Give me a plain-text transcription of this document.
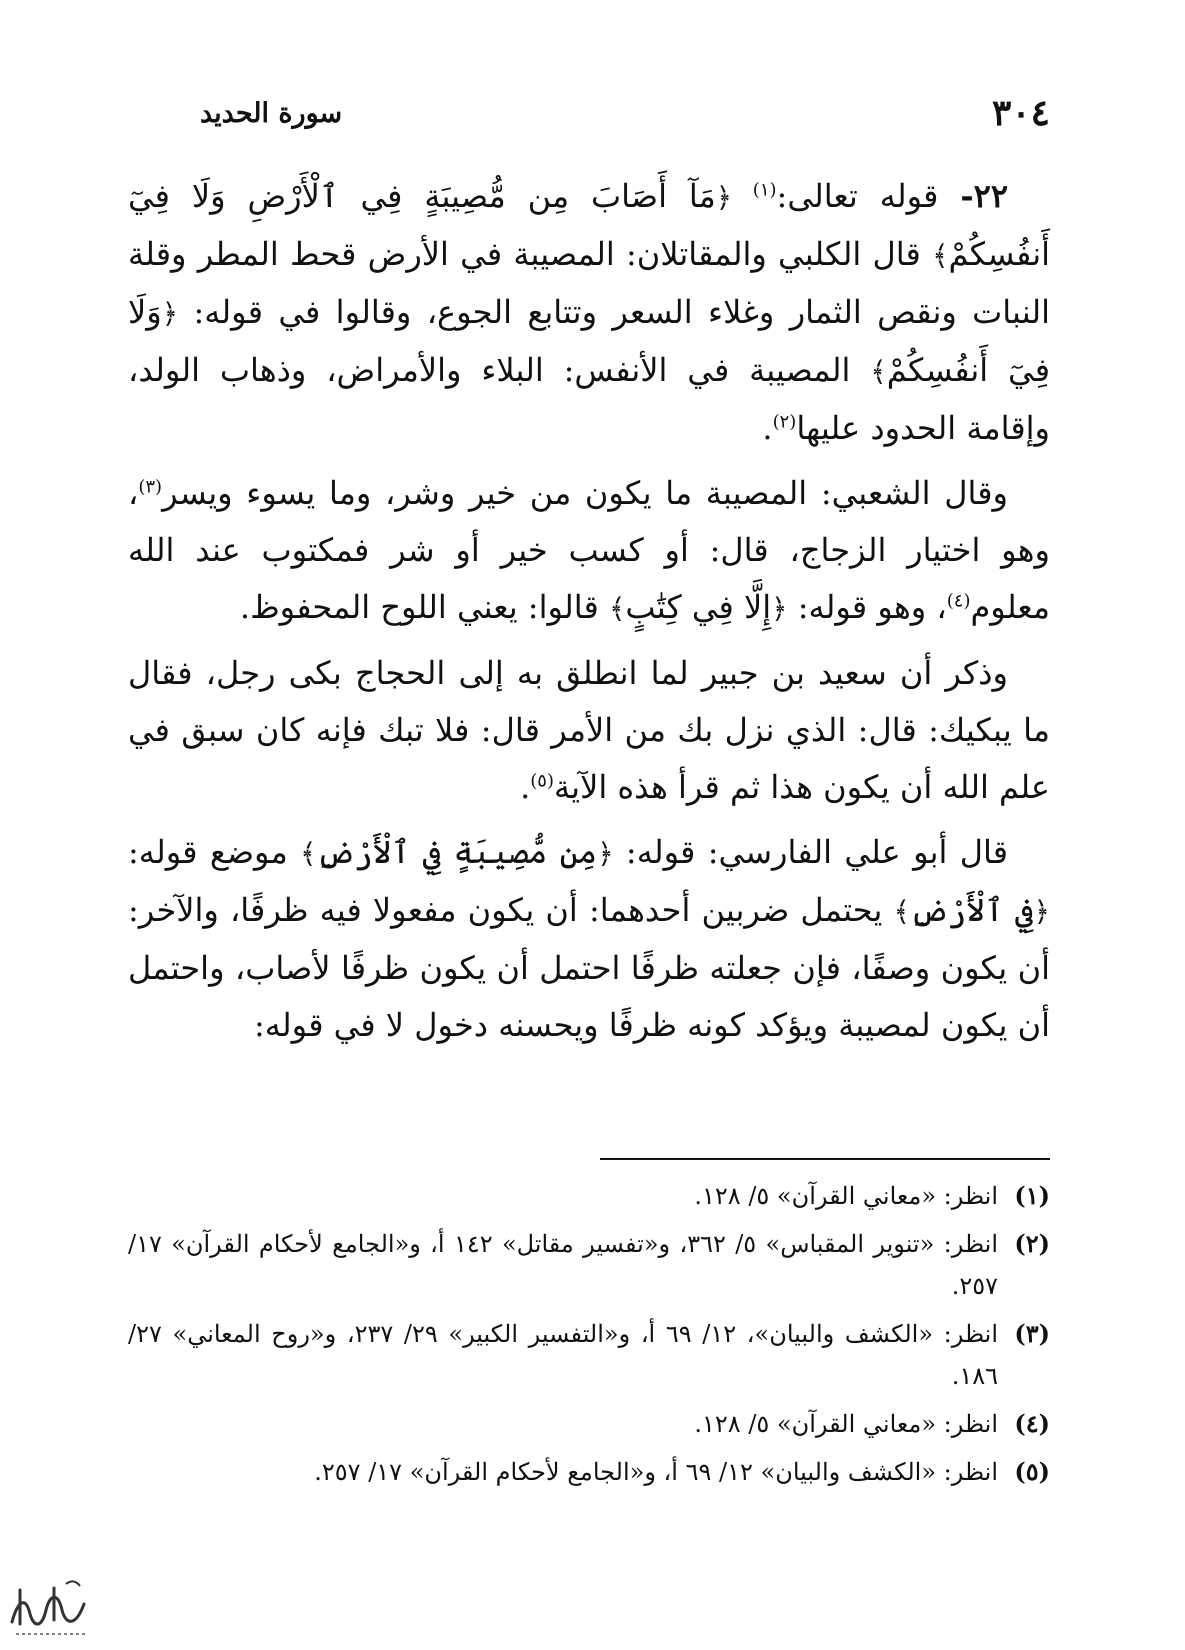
٣٠٤
سورة الحديد

٢٢- قوله تعالى:$^{(١)}$ ﴿مَآ أَصَابَ مِن مُّصِيبَةٍ فِي ٱلْأَرْضِ وَلَا فِيٓ أَنفُسِكُمْ﴾ قال الكلبي والمقاتلان: المصيبة في الأرض قحط المطر وقلة النبات ونقص الثمار وغلاء السعر وتتابع الجوع، وقالوا في قوله: ﴿وَلَا فِيٓ أَنفُسِكُمْ﴾ المصيبة في الأنفس: البلاء والأمراض، وذهاب الولد، وإقامة الحدود عليها$^{(٢)}$.

وقال الشعبي: المصيبة ما يكون من خير وشر، وما يسوء ويسر$^{(٣)}$، وهو اختيار الزجاج، قال: أو كسب خير أو شر فمكتوب عند الله معلوم$^{(٤)}$، وهو قوله: ﴿إِلَّا فِي كِتَٰبٍ﴾ قالوا: يعني اللوح المحفوظ.

وذكر أن سعيد بن جبير لما انطلق به إلى الحجاج بكى رجل، فقال ما يبكيك: قال: الذي نزل بك من الأمر قال: فلا تبك فإنه كان سبق في علم الله أن يكون هذا ثم قرأ هذه الآية$^{(٥)}$.

قال أبو علي الفارسي: قوله: ﴿مِن مُّصِيبَةٍ فِي ٱلْأَرْضِ﴾ موضع قوله: ﴿فِي ٱلْأَرْضِ﴾ يحتمل ضربين أحدهما: أن يكون مفعولا فيه ظرفًا، والآخر: أن يكون وصفًا، فإن جعلته ظرفًا احتمل أن يكون ظرفًا لأصاب، واحتمل أن يكون لمصيبة ويؤكد كونه ظرفًا ويحسنه دخول لا في قوله:

(١)
انظر: «معاني القرآن» ٥/ ١٢٨.

(٢)
انظر: «تنوير المقباس» ٥/ ٣٦٢، و«تفسير مقاتل» ١٤٢ أ، و«الجامع لأحكام القرآن» ١٧/ ٢٥٧.

(٣)
انظر: «الكشف والبيان»، ١٢/ ٦٩ أ، و«التفسير الكبير» ٢٩/ ٢٣٧، و«روح المعاني» ٢٧/ ١٨٦.

(٤)
انظر: «معاني القرآن» ٥/ ١٢٨.

(٥)
انظر: «الكشف والبيان» ١٢/ ٦٩ أ، و«الجامع لأحكام القرآن» ١٧/ ٢٥٧.
